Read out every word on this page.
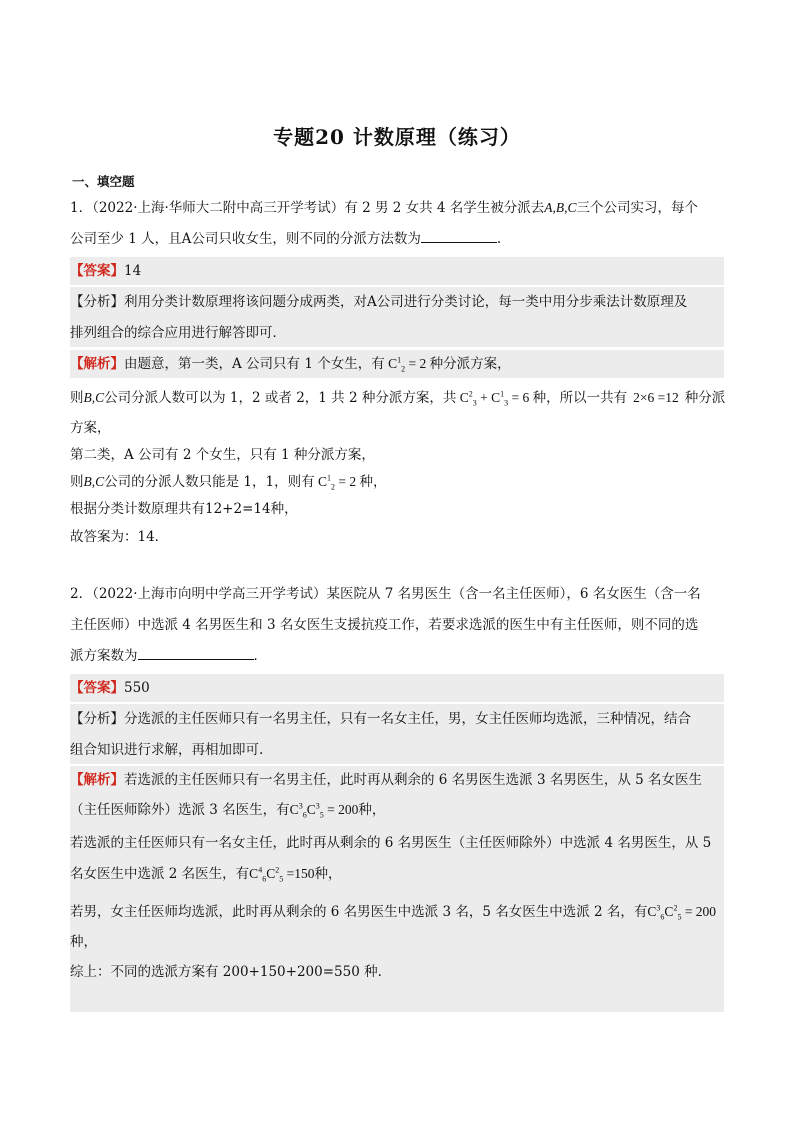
专题20 计数原理（练习）
一、填空题
1．（2022·上海·华师大二附中高三开学考试）有 2 男 2 女共 4 名学生被分派去A,B,C三个公司实习，每个
公司至少 1 人，且A公司只收女生，则不同的分派方法数为	.
【答案】14
【分析】利用分类计数原理将该问题分成两类，对A公司进行分类讨论，每一类中用分步乘法计数原理及
排列组合的综合应用进行解答即可．
【解析】由题意，第一类，A 公司只有 1 个女生，有 $C^1_2 = 2$ 种分派方案，
则B,C公司分派人数可以为 1，2 或者 2，1 共 2 种分派方案，共 $C^2_3 + C^1_3 = 6$ 种，所以一共有 2×6 =12 种分派
方案，
第二类，A 公司有 2 个女生，只有 1 种分派方案，
则B,C公司的分派人数只能是 1，1，则有 $C^1_2 = 2$ 种，
根据分类计数原理共有12+2=14种，
故答案为：14．
2．（2022·上海市向明中学高三开学考试）某医院从 7 名男医生（含一名主任医师），6 名女医生（含一名
主任医师）中选派 4 名男医生和 3 名女医生支援抗疫工作，若要求选派的医生中有主任医师，则不同的选
派方案数为	．
【答案】550
【分析】分选派的主任医师只有一名男主任，只有一名女主任，男，女主任医师均选派，三种情况，结合
组合知识进行求解，再相加即可.
【解析】若选派的主任医师只有一名男主任，此时再从剩余的 6 名男医生选派 3 名男医生，从 5 名女医生
（主任医师除外）选派 3 名医生，有$C^3_6C^3_5 = 200$种，
若选派的主任医师只有一名女主任，此时再从剩余的 6 名男医生（主任医师除外）中选派 4 名男医生，从 5
名女医生中选派 2 名医生，有$C^4_6C^2_5 =150$种，
若男，女主任医师均选派，此时再从剩余的 6 名男医生中选派 3 名，5 名女医生中选派 2 名，有$C^3_6C^2_5 = 200$
种，
综上：不同的选派方案有 200+150+200=550 种.
